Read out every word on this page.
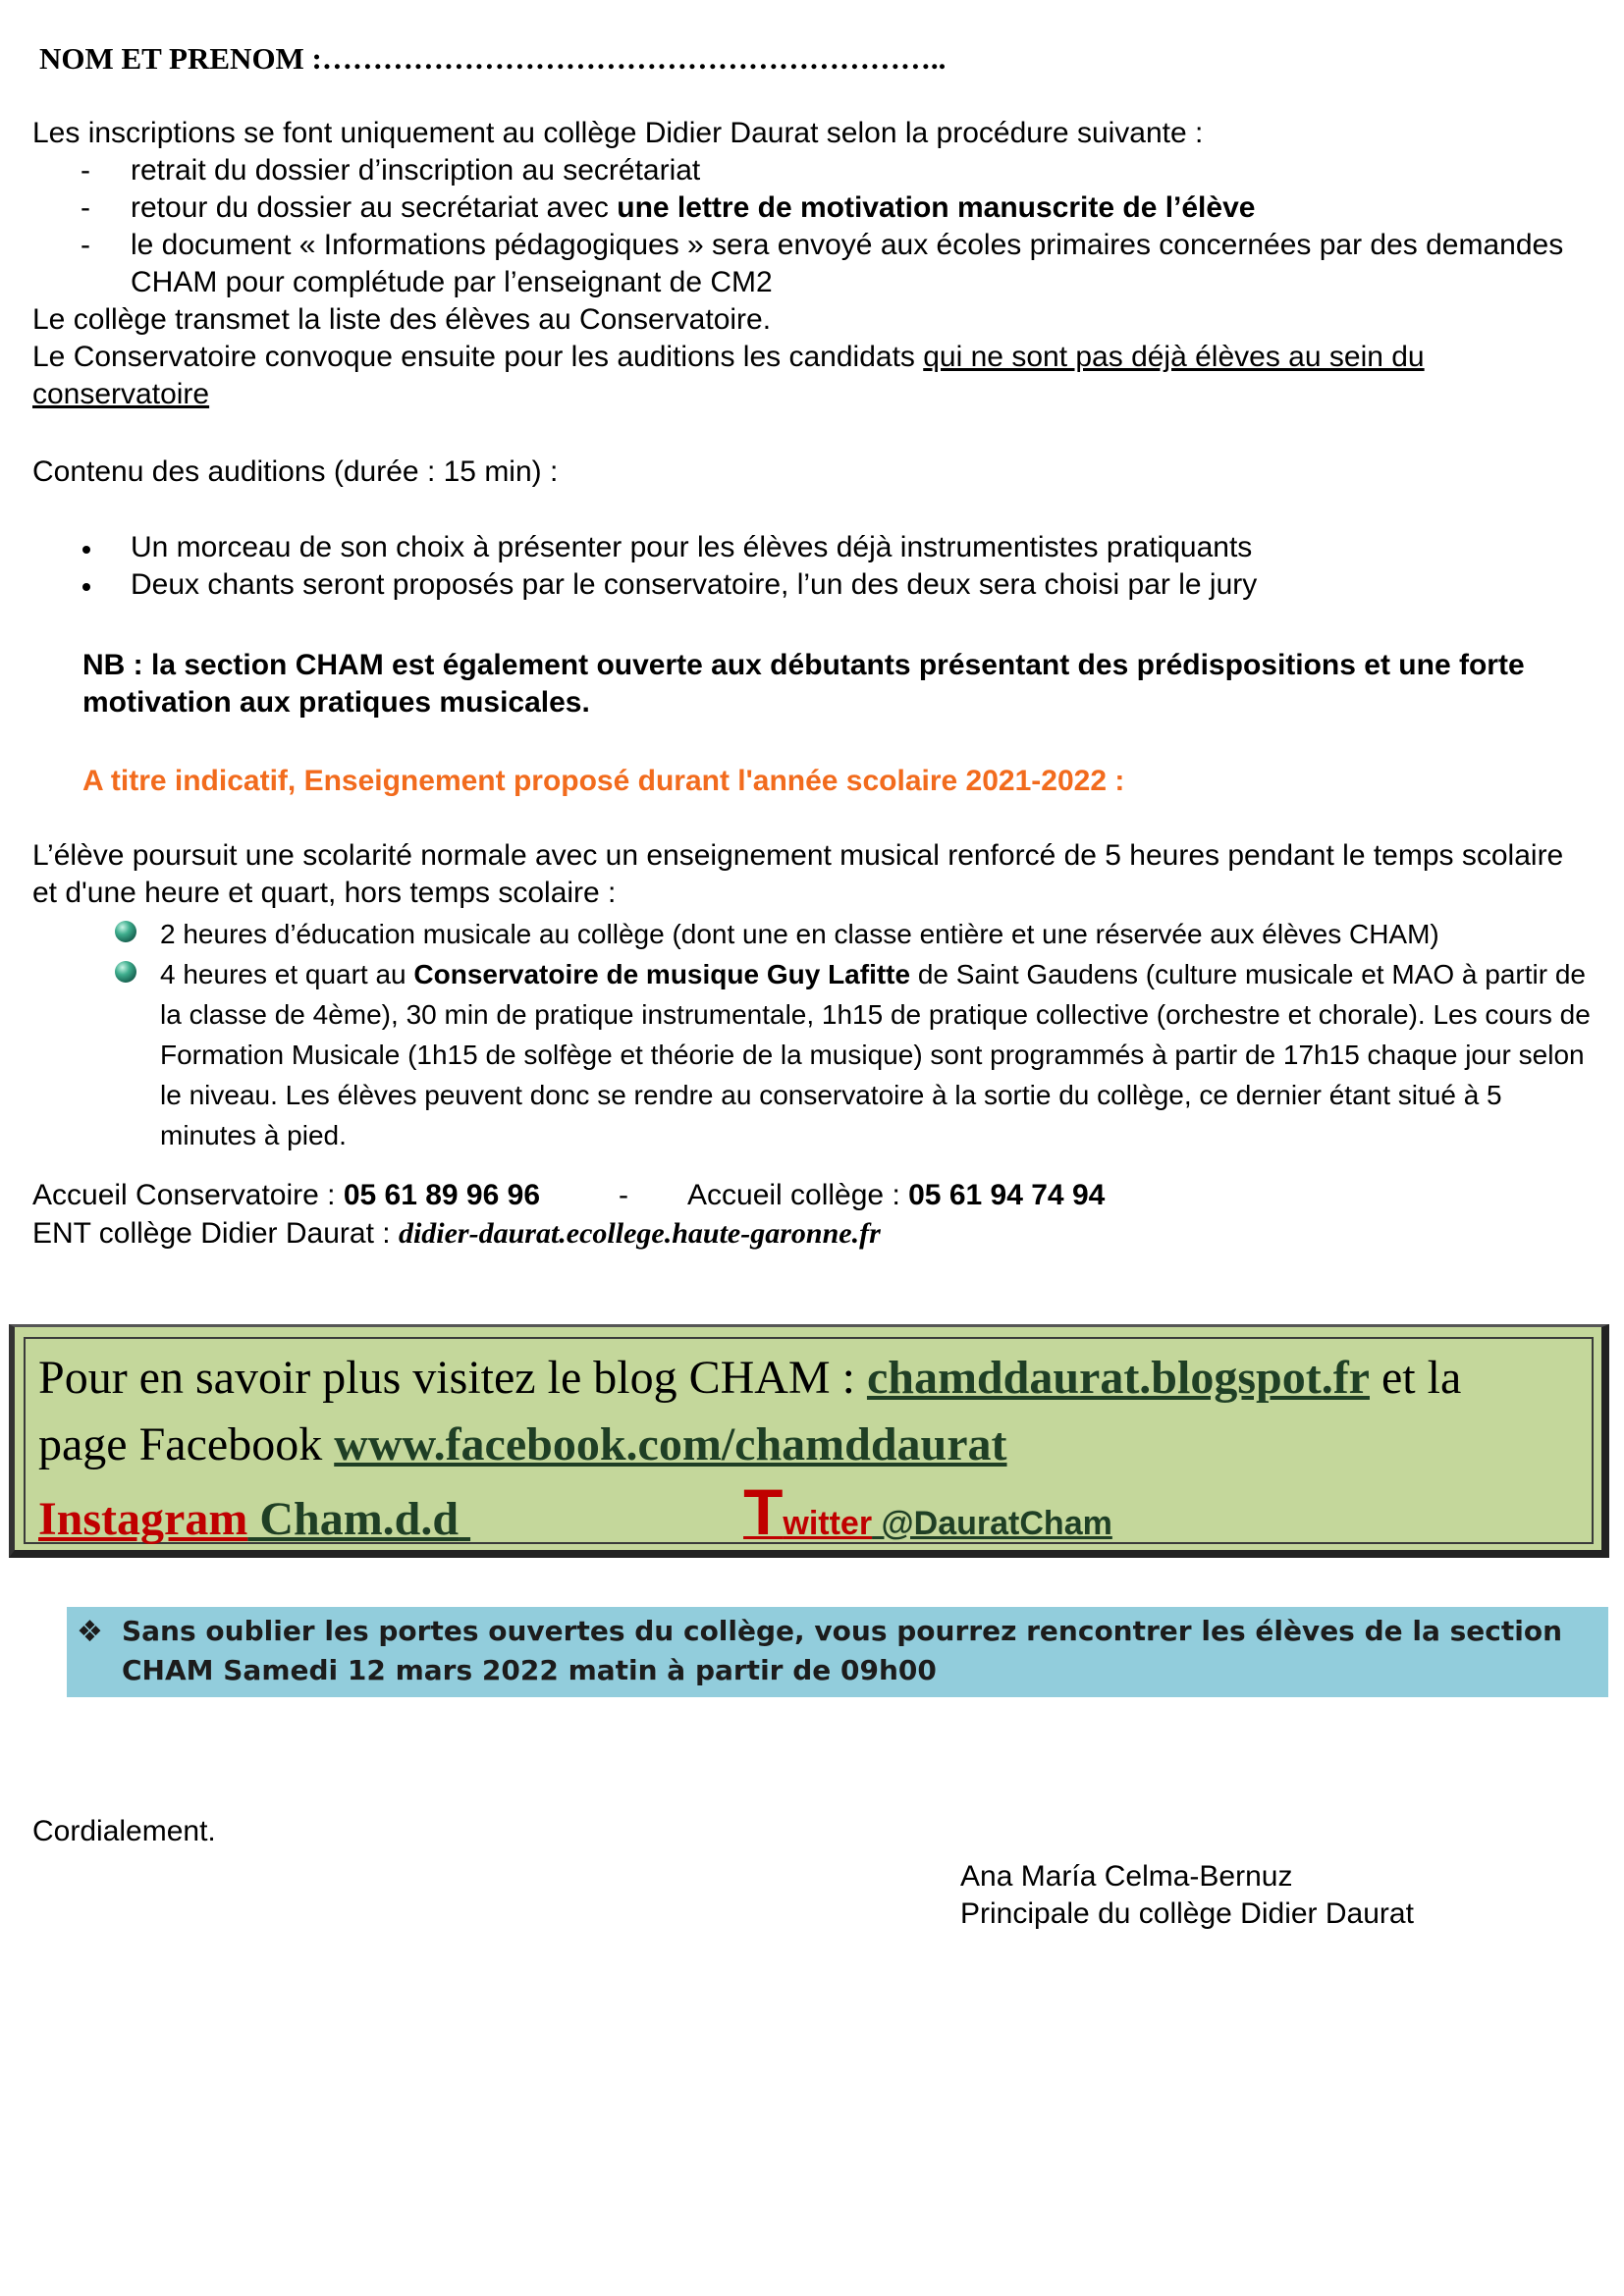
NOM ET PRENOM :……………………………………………………..
Les inscriptions se font uniquement au collège Didier Daurat selon la procédure suivante :
- retrait du dossier d’inscription au secrétariat
- retour du dossier au secrétariat avec une lettre de motivation manuscrite de l’élève
- le document « Informations pédagogiques » sera envoyé aux écoles primaires concernées par des demandes CHAM pour complétude par l’enseignant de CM2
Le collège transmet la liste des élèves au Conservatoire.
Le Conservatoire convoque ensuite pour les auditions les candidats qui ne sont pas déjà élèves au sein du conservatoire
Contenu des auditions (durée : 15 min) :
Un morceau de son choix à présenter pour les élèves déjà instrumentistes pratiquants
Deux chants seront proposés par le conservatoire, l’un des deux sera choisi par le jury
NB : la section CHAM est également ouverte aux débutants présentant des prédispositions et une forte motivation aux pratiques musicales.
A titre indicatif, Enseignement proposé durant l'année scolaire 2021-2022 :
L’élève poursuit une scolarité normale avec un enseignement musical renforcé de 5 heures pendant le temps scolaire et d'une heure et quart, hors temps scolaire :
2 heures d’éducation musicale au collège (dont une en classe entière et une réservée aux élèves CHAM)
4 heures et quart au Conservatoire de musique Guy Lafitte de Saint Gaudens (culture musicale et MAO à partir de la classe de 4ème), 30 min de pratique instrumentale, 1h15 de pratique collective (orchestre et chorale). Les cours de Formation Musicale (1h15 de solfège et théorie de la musique) sont programmés à partir de 17h15 chaque jour selon le niveau. Les élèves peuvent donc se rendre au conservatoire à la sortie du collège, ce dernier étant situé à 5 minutes à pied.
Accueil Conservatoire : 05 61 89 96 96	- Accueil collège : 05 61 94 74 94
ENT collège Didier Daurat : didier-daurat.ecollege.haute-garonne.fr
Pour en savoir plus visitez le blog CHAM : chamddaurat.blogspot.fr et la
page Facebook www.facebook.com/chamddaurat
Instagram Cham.d.d	Twitter @DauratCham
❖ Sans oublier les portes ouvertes du collège, vous pourrez rencontrer les élèves de la section CHAM Samedi 12 mars 2022 matin à partir de 09h00
Cordialement.
Ana María Celma-Bernuz
Principale du collège Didier Daurat
